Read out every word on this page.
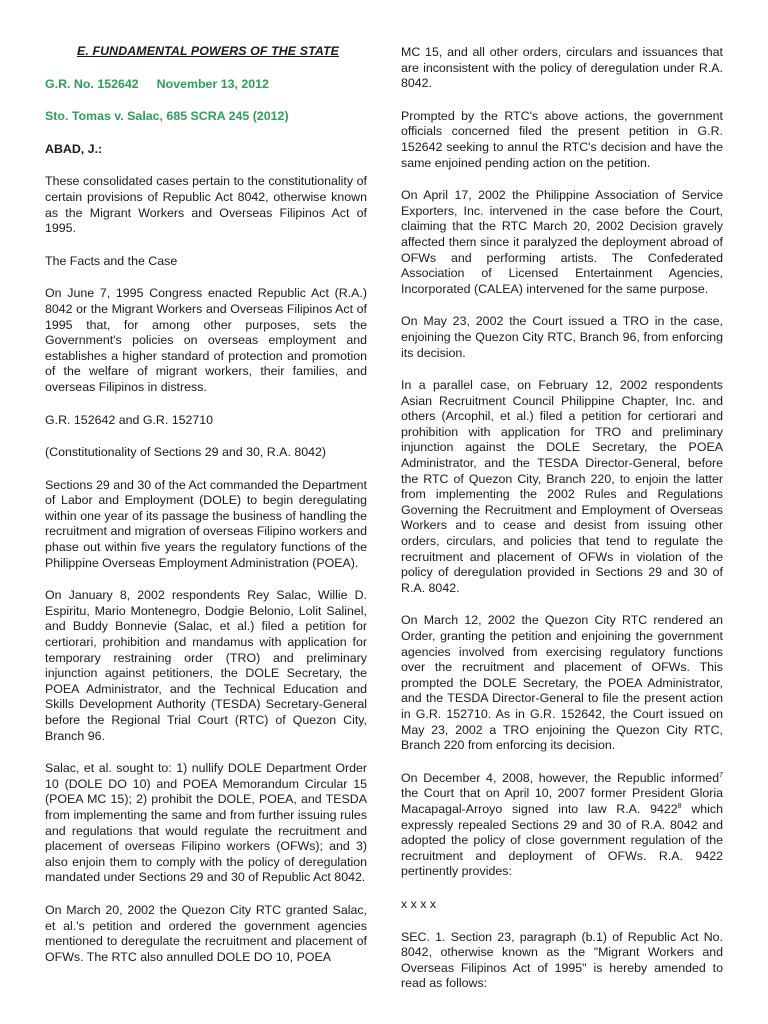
E. FUNDAMENTAL POWERS OF THE STATE

G.R. No. 152642 November 13, 2012

Sto. Tomas v. Salac, 685 SCRA 245 (2012)

ABAD, J.:

These consolidated cases pertain to the constitutionality of certain provisions of Republic Act 8042, otherwise known as the Migrant Workers and Overseas Filipinos Act of 1995.

The Facts and the Case

On June 7, 1995 Congress enacted Republic Act (R.A.) 8042 or the Migrant Workers and Overseas Filipinos Act of 1995 that, for among other purposes, sets the Government's policies on overseas employment and establishes a higher standard of protection and promotion of the welfare of migrant workers, their families, and overseas Filipinos in distress.

G.R. 152642 and G.R. 152710

(Constitutionality of Sections 29 and 30, R.A. 8042)

Sections 29 and 30 of the Act commanded the Department of Labor and Employment (DOLE) to begin deregulating within one year of its passage the business of handling the recruitment and migration of overseas Filipino workers and phase out within five years the regulatory functions of the Philippine Overseas Employment Administration (POEA).

On January 8, 2002 respondents Rey Salac, Willie D. Espiritu, Mario Montenegro, Dodgie Belonio, Lolit Salinel, and Buddy Bonnevie (Salac, et al.) filed a petition for certiorari, prohibition and mandamus with application for temporary restraining order (TRO) and preliminary injunction against petitioners, the DOLE Secretary, the POEA Administrator, and the Technical Education and Skills Development Authority (TESDA) Secretary-General before the Regional Trial Court (RTC) of Quezon City, Branch 96.

Salac, et al. sought to: 1) nullify DOLE Department Order 10 (DOLE DO 10) and POEA Memorandum Circular 15 (POEA MC 15); 2) prohibit the DOLE, POEA, and TESDA from implementing the same and from further issuing rules and regulations that would regulate the recruitment and placement of overseas Filipino workers (OFWs); and 3) also enjoin them to comply with the policy of deregulation mandated under Sections 29 and 30 of Republic Act 8042.

On March 20, 2002 the Quezon City RTC granted Salac, et al.'s petition and ordered the government agencies mentioned to deregulate the recruitment and placement of OFWs. The RTC also annulled DOLE DO 10, POEA

MC 15, and all other orders, circulars and issuances that are inconsistent with the policy of deregulation under R.A. 8042.

Prompted by the RTC's above actions, the government officials concerned filed the present petition in G.R. 152642 seeking to annul the RTC's decision and have the same enjoined pending action on the petition.

On April 17, 2002 the Philippine Association of Service Exporters, Inc. intervened in the case before the Court, claiming that the RTC March 20, 2002 Decision gravely affected them since it paralyzed the deployment abroad of OFWs and performing artists. The Confederated Association of Licensed Entertainment Agencies, Incorporated (CALEA) intervened for the same purpose.

On May 23, 2002 the Court issued a TRO in the case, enjoining the Quezon City RTC, Branch 96, from enforcing its decision.

In a parallel case, on February 12, 2002 respondents Asian Recruitment Council Philippine Chapter, Inc. and others (Arcophil, et al.) filed a petition for certiorari and prohibition with application for TRO and preliminary injunction against the DOLE Secretary, the POEA Administrator, and the TESDA Director-General, before the RTC of Quezon City, Branch 220, to enjoin the latter from implementing the 2002 Rules and Regulations Governing the Recruitment and Employment of Overseas Workers and to cease and desist from issuing other orders, circulars, and policies that tend to regulate the recruitment and placement of OFWs in violation of the policy of deregulation provided in Sections 29 and 30 of R.A. 8042.

On March 12, 2002 the Quezon City RTC rendered an Order, granting the petition and enjoining the government agencies involved from exercising regulatory functions over the recruitment and placement of OFWs. This prompted the DOLE Secretary, the POEA Administrator, and the TESDA Director-General to file the present action in G.R. 152710. As in G.R. 152642, the Court issued on May 23, 2002 a TRO enjoining the Quezon City RTC, Branch 220 from enforcing its decision.

On December 4, 2008, however, the Republic informed$^7$ the Court that on April 10, 2007 former President Gloria Macapagal-Arroyo signed into law R.A. 9422$^8$ which expressly repealed Sections 29 and 30 of R.A. 8042 and adopted the policy of close government regulation of the recruitment and deployment of OFWs. R.A. 9422 pertinently provides:

x x x x

SEC. 1. Section 23, paragraph (b.1) of Republic Act No. 8042, otherwise known as the "Migrant Workers and Overseas Filipinos Act of 1995" is hereby amended to read as follows:
